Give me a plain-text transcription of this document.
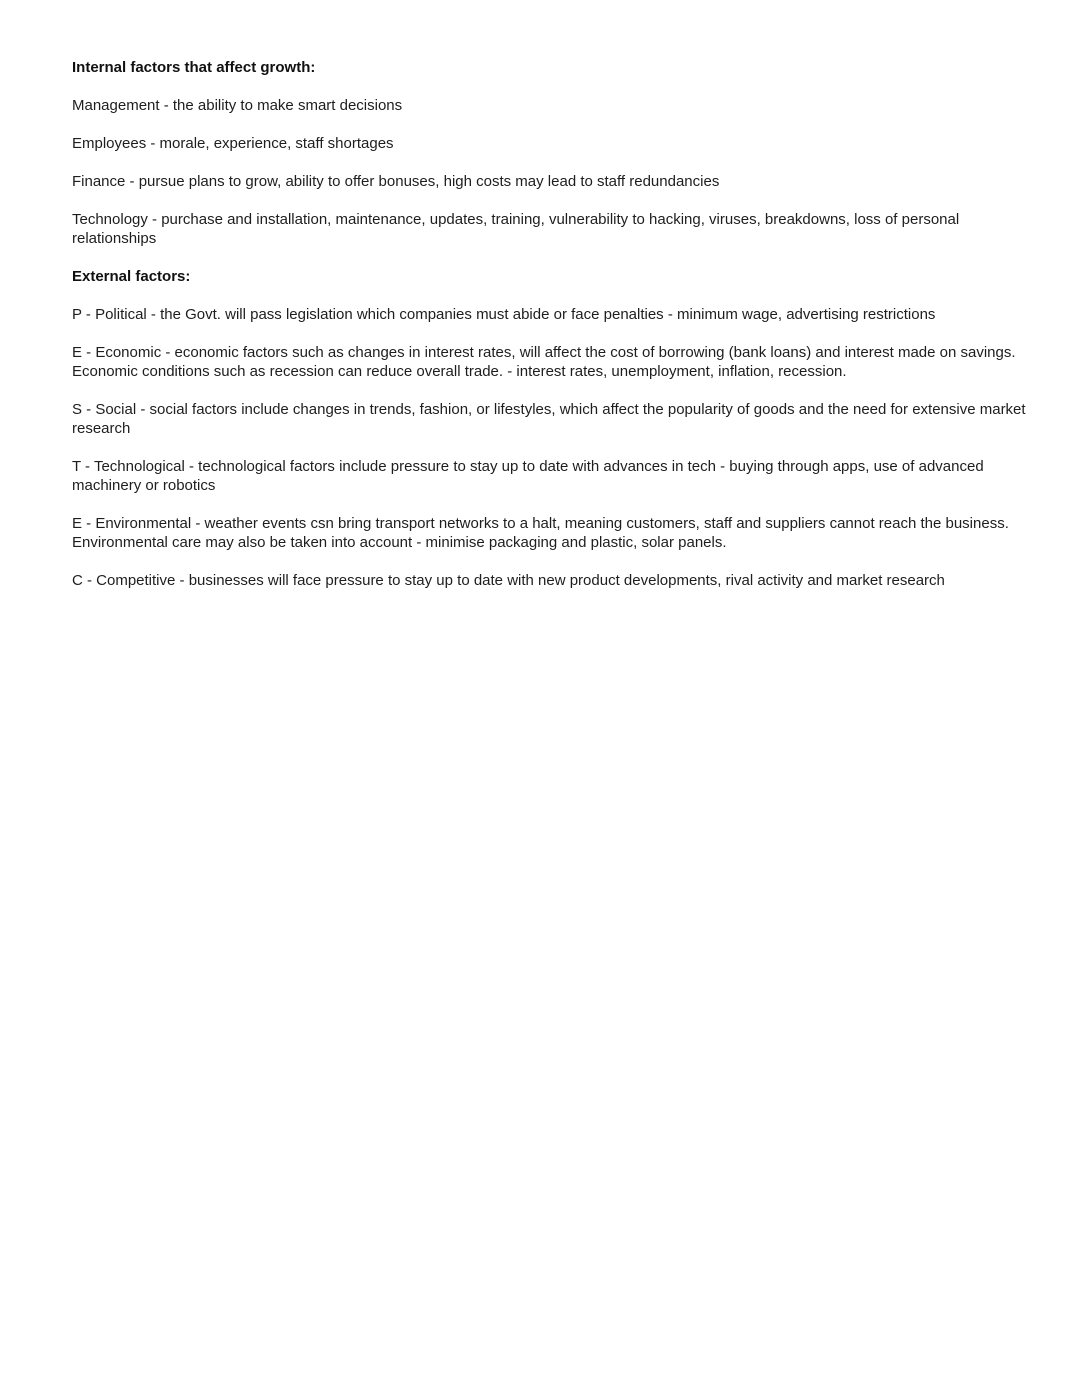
Internal factors that affect growth:

Management - the ability to make smart decisions

Employees - morale, experience, staff shortages

Finance - pursue plans to grow, ability to offer bonuses, high costs may lead to staff redundancies

Technology - purchase and installation, maintenance, updates, training, vulnerability to hacking, viruses, breakdowns, loss of personal relationships

External factors:

P - Political - the Govt. will pass legislation which companies must abide or face penalties - minimum wage, advertising restrictions

E - Economic - economic factors such as changes in interest rates, will affect the cost of borrowing (bank loans) and interest made on savings. Economic conditions such as recession can reduce overall trade. - interest rates, unemployment, inflation, recession.

S - Social - social factors include changes in trends, fashion, or lifestyles, which affect the popularity of goods and the need for extensive market research

T - Technological - technological factors include pressure to stay up to date with advances in tech - buying through apps, use of advanced machinery or robotics

E - Environmental - weather events csn bring transport networks to a halt, meaning customers, staff and suppliers cannot reach the business. Environmental care may also be taken into account - minimise packaging and plastic, solar panels.

C - Competitive - businesses will face pressure to stay up to date with new product developments, rival activity and market research
